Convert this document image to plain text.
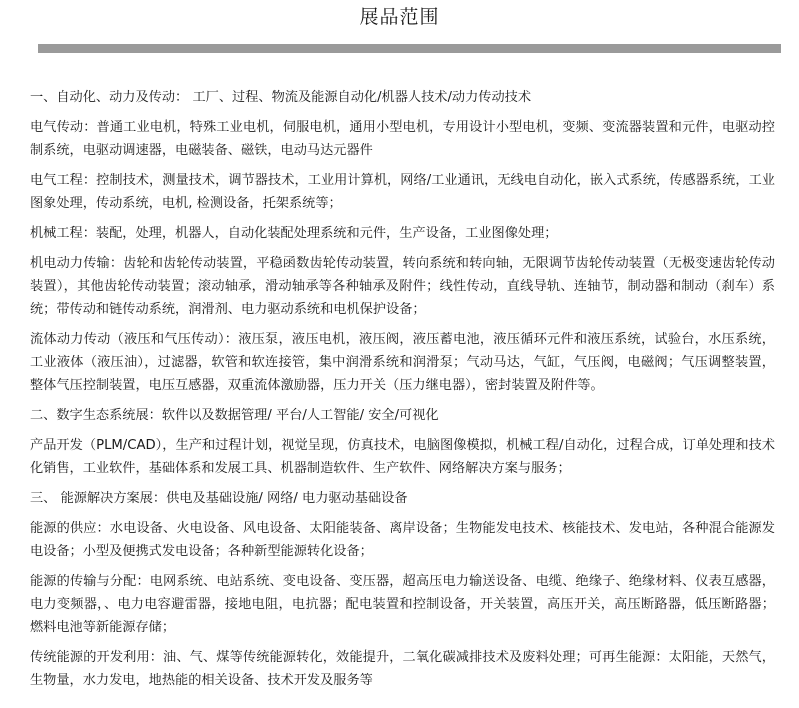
展品范围

一、自动化、动力及传动： 工厂、过程、物流及能源自动化/机器人技术/动力传动技术

电气传动：普通工业电机，特殊工业电机，伺服电机，通用小型电机，专用设计小型电机，变频、变流器装置和元件，电驱动控制系统，电驱动调速器，电磁装备、磁铁，电动马达元器件

电气工程：控制技术，测量技术，调节器技术，工业用计算机，网络/工业通讯，无线电自动化，嵌入式系统，传感器系统，工业图象处理，传动系统，电机, 检测设备，托架系统等；

机械工程：装配，处理，机器人，自动化装配处理系统和元件，生产设备，工业图像处理；

机电动力传输：齿轮和齿轮传动装置，平稳函数齿轮传动装置，转向系统和转向轴，无限调节齿轮传动装置（无极变速齿轮传动装置），其他齿轮传动装置；滚动轴承，滑动轴承等各种轴承及附件；线性传动，直线导轨、连轴节，制动器和制动（刹车）系统；带传动和链传动系统，润滑剂、电力驱动系统和电机保护设备；

流体动力传动（液压和气压传动）：液压泵，液压电机，液压阀，液压蓄电池，液压循环元件和液压系统，试验台，水压系统，工业液体（液压油），过滤器，软管和软连接管，集中润滑系统和润滑泵；气动马达，气缸，气压阀，电磁阀；气压调整装置，整体气压控制装置，电压互感器，双重流体激励器，压力开关（压力继电器），密封装置及附件等。

二、数字生态系统展：软件以及数据管理/ 平台/人工智能/ 安全/可视化

产品开发（PLM/CAD），生产和过程计划，视觉呈现，仿真技术，电脑图像模拟，机械工程/自动化，过程合成，订单处理和技术化销售，工业软件，基础体系和发展工具、机器制造软件、生产软件、网络解决方案与服务；

三、 能源解决方案展：供电及基础设施/ 网络/ 电力驱动基础设备

能源的供应：水电设备、火电设备、风电设备、太阳能装备、离岸设备；生物能发电技术、核能技术、发电站，各种混合能源发电设备；小型及便携式发电设备；各种新型能源转化设备；

能源的传输与分配：电网系统、电站系统、变电设备、变压器，超高压电力输送设备、电缆、绝缘子、绝缘材料、仪表互感器，电力变频器，、电力电容避雷器，接地电阻，电抗器；配电装置和控制设备，开关装置，高压开关，高压断路器，低压断路器；燃料电池等新能源存储；

传统能源的开发利用：油、气、煤等传统能源转化，效能提升，二氧化碳减排技术及废料处理；可再生能源：太阳能，天然气，生物量，水力发电，地热能的相关设备、技术开发及服务等
